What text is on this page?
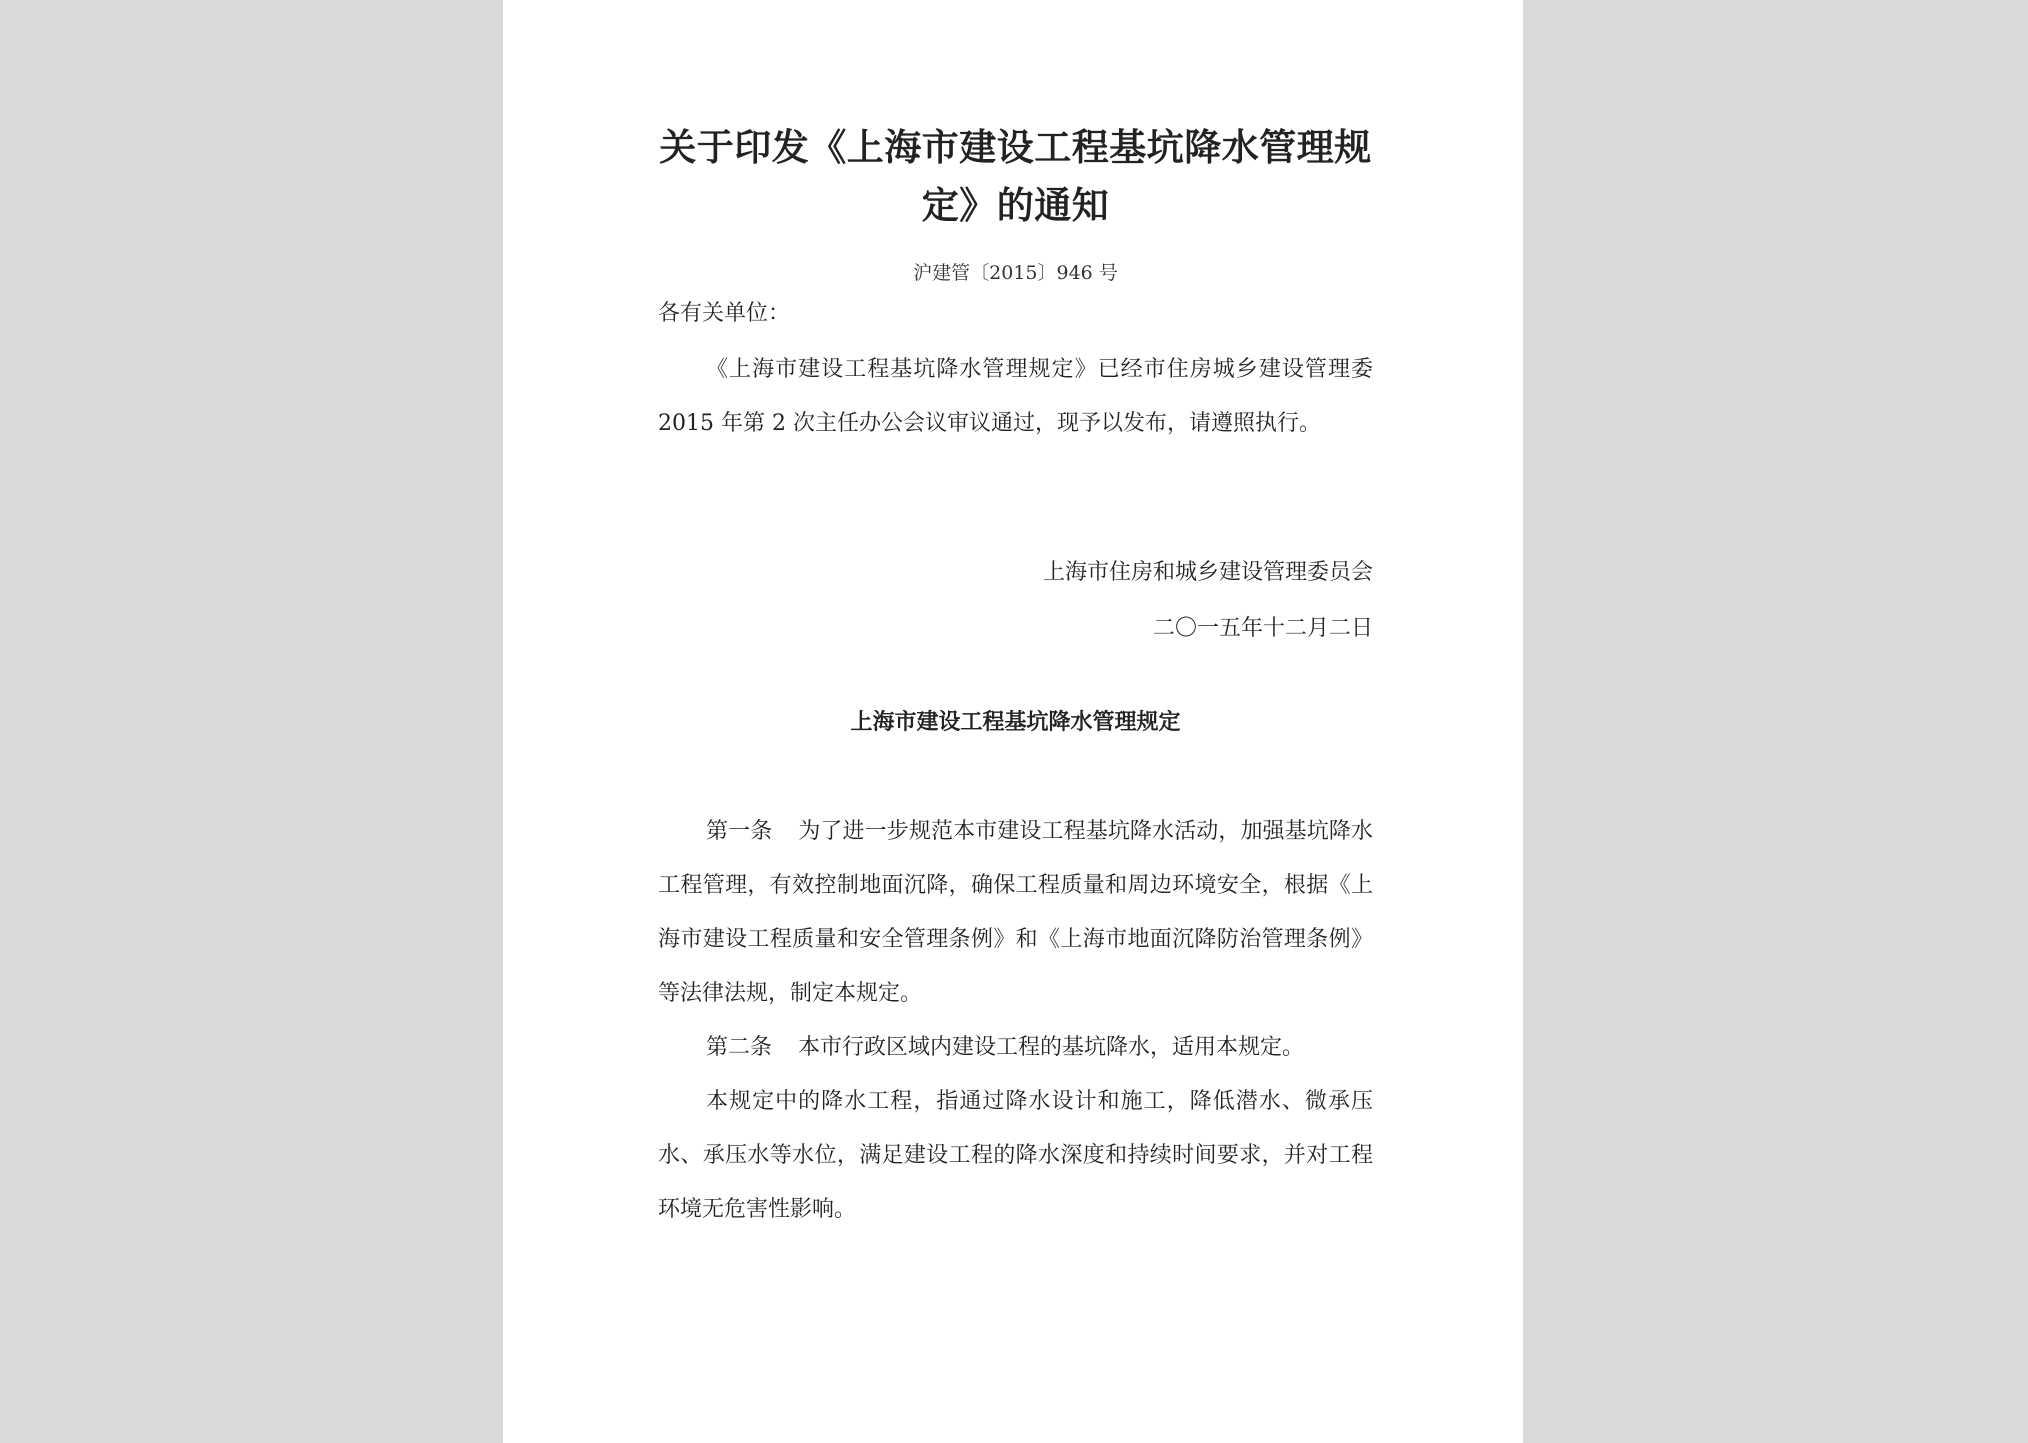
关于印发《上海市建设工程基坑降水管理规
定》的通知
沪建管〔2015〕946 号
各有关单位：

《上海市建设工程基坑降水管理规定》已经市住房城乡建设管理委 2015 年第 2 次主任办公会议审议通过，现予以发布，请遵照执行。

上海市住房和城乡建设管理委员会
二〇一五年十二月二日
上海市建设工程基坑降水管理规定

第一条 为了进一步规范本市建设工程基坑降水活动，加强基坑降水工程管理，有效控制地面沉降，确保工程质量和周边环境安全，根据《上海市建设工程质量和安全管理条例》和《上海市地面沉降防治管理条例》等法律法规，制定本规定。

第二条 本市行政区域内建设工程的基坑降水，适用本规定。

本规定中的降水工程，指通过降水设计和施工，降低潜水、微承压水、承压水等水位，满足建设工程的降水深度和持续时间要求，并对工程环境无危害性影响。
